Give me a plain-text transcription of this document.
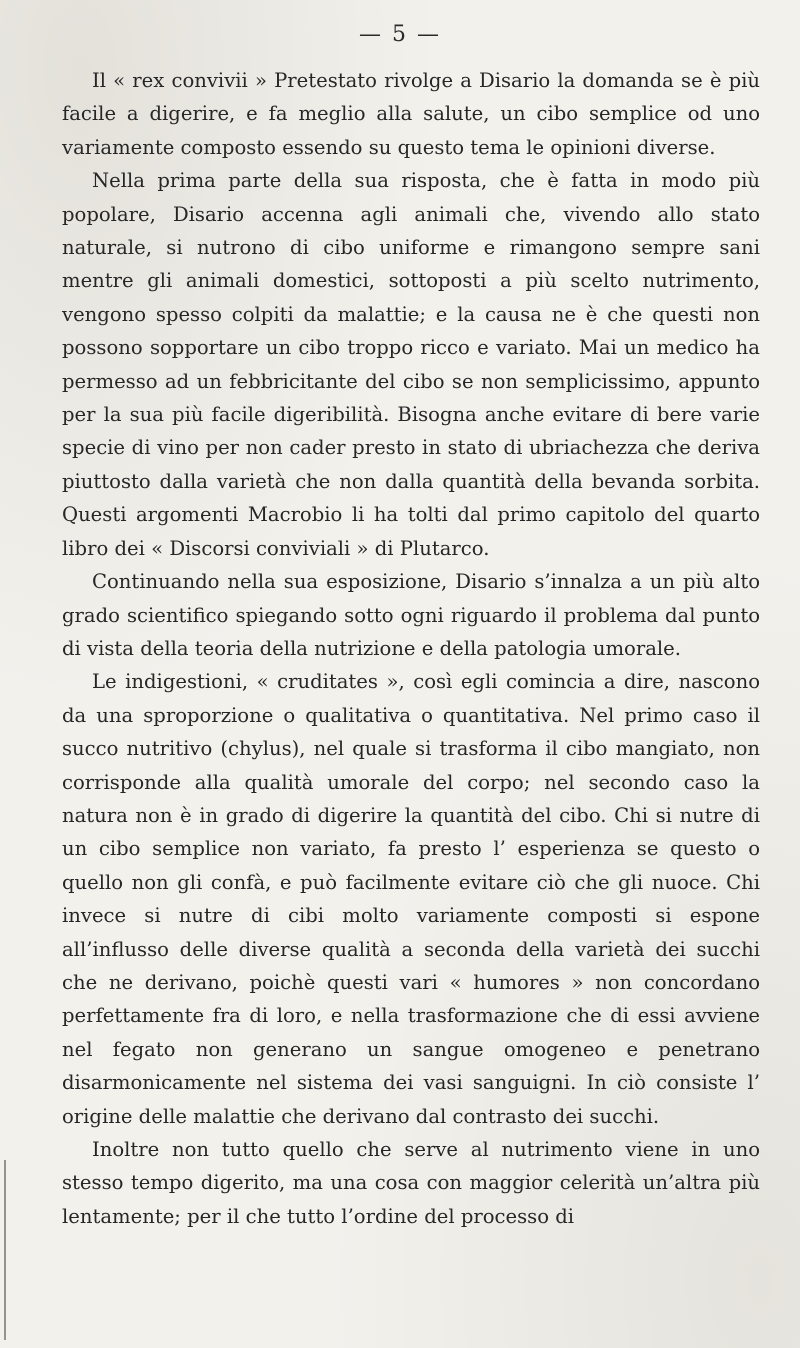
— 5 —

Il « rex convivii » Pretestato rivolge a Disario la domanda se è più facile a digerire, e fa meglio alla salute, un cibo semplice od uno variamente composto essendo su questo tema le opinioni diverse.

Nella prima parte della sua risposta, che è fatta in modo più popolare, Disario accenna agli animali che, vivendo allo stato naturale, si nutrono di cibo uniforme e rimangono sempre sani mentre gli animali domestici, sottoposti a più scelto nutrimento, vengono spesso colpiti da malattie; e la causa ne è che questi non possono sopportare un cibo troppo ricco e variato. Mai un medico ha permesso ad un febbricitante del cibo se non semplicissimo, appunto per la sua più facile digeribilità. Bisogna anche evitare di bere varie specie di vino per non cader presto in stato di ubriachezza che deriva piuttosto dalla varietà che non dalla quantità della bevanda sorbita. Questi argomenti Macrobio li ha tolti dal primo capitolo del quarto libro dei « Discorsi conviviali » di Plutarco.

Continuando nella sua esposizione, Disario s’innalza a un più alto grado scientifico spiegando sotto ogni riguardo il problema dal punto di vista della teoria della nutrizione e della patologia umorale.

Le indigestioni, « cruditates », così egli comincia a dire, nascono da una sproporzione o qualitativa o quantitativa. Nel primo caso il succo nutritivo (chylus), nel quale si trasforma il cibo mangiato, non corrisponde alla qualità umorale del corpo; nel secondo caso la natura non è in grado di digerire la quantità del cibo. Chi si nutre di un cibo semplice non variato, fa presto l’ esperienza se questo o quello non gli confà, e può facilmente evitare ciò che gli nuoce. Chi invece si nutre di cibi molto variamente composti si espone all’influsso delle diverse qualità a seconda della varietà dei succhi che ne derivano, poichè questi vari « humores » non concordano perfettamente fra di loro, e nella trasformazione che di essi avviene nel fegato non generano un sangue omogeneo e penetrano disarmonicamente nel sistema dei vasi sanguigni. In ciò consiste l’ origine delle malattie che derivano dal contrasto dei succhi.

Inoltre non tutto quello che serve al nutrimento viene in uno stesso tempo digerito, ma una cosa con maggior celerità un’altra più lentamente; per il che tutto l’ordine del processo di
